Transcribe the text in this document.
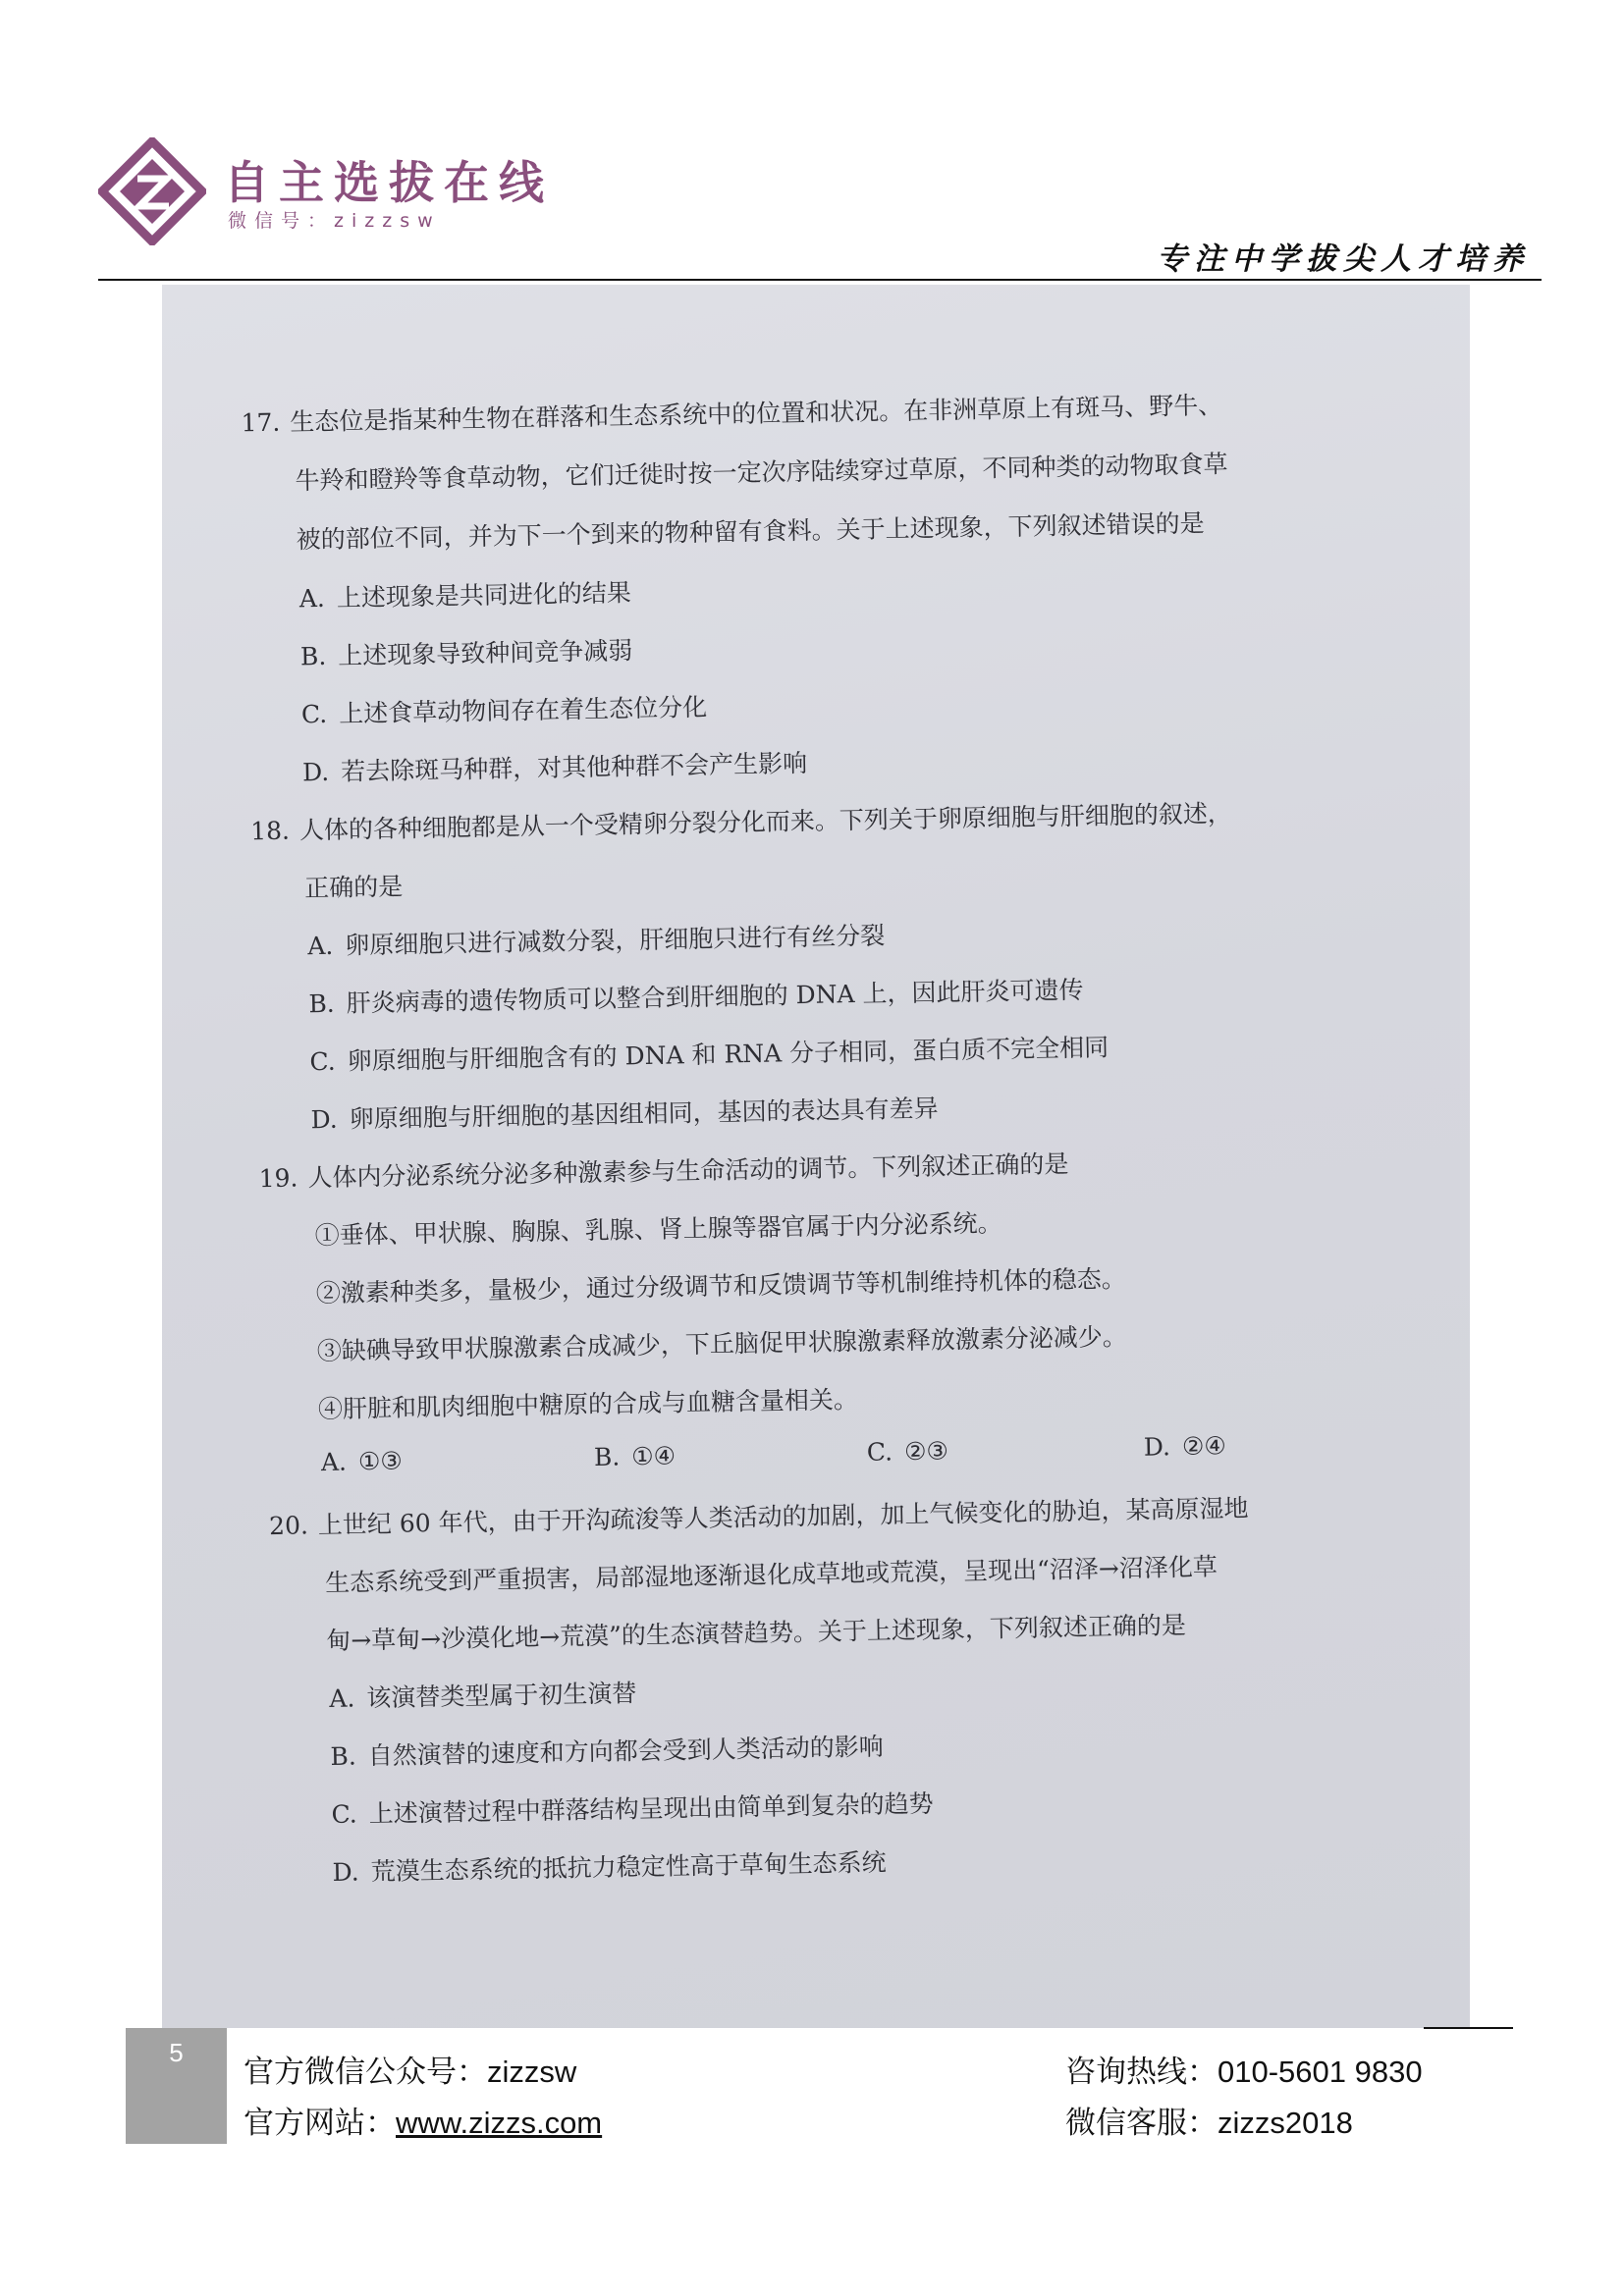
自主选拔在线
微信号：zizzsw
专注中学拔尖人才培养
17. 生态位是指某种生物在群落和生态系统中的位置和状况。在非洲草原上有斑马、野牛、
牛羚和瞪羚等食草动物，它们迁徙时按一定次序陆续穿过草原，不同种类的动物取食草
被的部位不同，并为下一个到来的物种留有食料。关于上述现象，下列叙述错误的是
A. 上述现象是共同进化的结果
B. 上述现象导致种间竞争减弱
C. 上述食草动物间存在着生态位分化
D. 若去除斑马种群，对其他种群不会产生影响
18. 人体的各种细胞都是从一个受精卵分裂分化而来。下列关于卵原细胞与肝细胞的叙述，
正确的是
A. 卵原细胞只进行减数分裂，肝细胞只进行有丝分裂
B. 肝炎病毒的遗传物质可以整合到肝细胞的 DNA 上，因此肝炎可遗传
C. 卵原细胞与肝细胞含有的 DNA 和 RNA 分子相同，蛋白质不完全相同
D. 卵原细胞与肝细胞的基因组相同，基因的表达具有差异
19. 人体内分泌系统分泌多种激素参与生命活动的调节。下列叙述正确的是
①垂体、甲状腺、胸腺、乳腺、肾上腺等器官属于内分泌系统。
②激素种类多，量极少，通过分级调节和反馈调节等机制维持机体的稳态。
③缺碘导致甲状腺激素合成减少，下丘脑促甲状腺激素释放激素分泌减少。
④肝脏和肌肉细胞中糖原的合成与血糖含量相关。
A. ①③	B. ①④	C. ②③	D. ②④
20. 上世纪 60 年代，由于开沟疏浚等人类活动的加剧，加上气候变化的胁迫，某高原湿地
生态系统受到严重损害，局部湿地逐渐退化成草地或荒漠，呈现出“沼泽→沼泽化草
甸→草甸→沙漠化地→荒漠”的生态演替趋势。关于上述现象，下列叙述正确的是
A. 该演替类型属于初生演替
B. 自然演替的速度和方向都会受到人类活动的影响
C. 上述演替过程中群落结构呈现出由简单到复杂的趋势
D. 荒漠生态系统的抵抗力稳定性高于草甸生态系统
5
官方微信公众号：zizzsw
官方网站：www.zizzs.com
咨询热线：010-5601 9830
微信客服：zizzs2018
